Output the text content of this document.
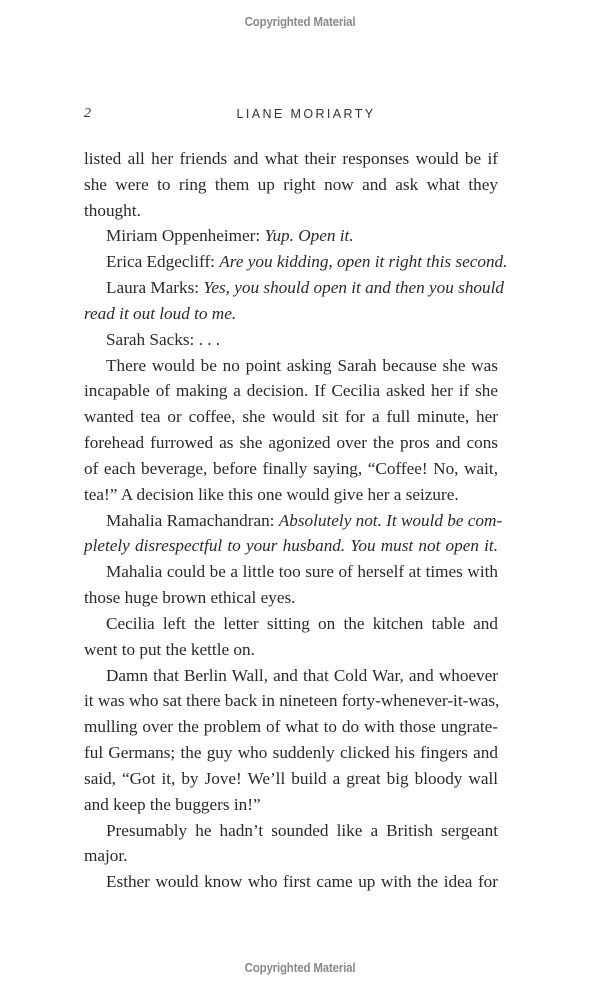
Copyrighted Material
2	LIANE MORIARTY
listed all her friends and what their responses would be if
she were to ring them up right now and ask what they
thought.
Miriam Oppenheimer: Yup. Open it.
Erica Edgecliff: Are you kidding, open it right this second.
Laura Marks: Yes, you should open it and then you should
read it out loud to me.
Sarah Sacks: . . .
There would be no point asking Sarah because she was
incapable of making a decision. If Cecilia asked her if she
wanted tea or coffee, she would sit for a full minute, her
forehead furrowed as she agonized over the pros and cons
of each beverage, before finally saying, “Coffee! No, wait,
tea!” A decision like this one would give her a seizure.
Mahalia Ramachandran: Absolutely not. It would be com-
pletely disrespectful to your husband. You must not open it.
Mahalia could be a little too sure of herself at times with
those huge brown ethical eyes.
Cecilia left the letter sitting on the kitchen table and
went to put the kettle on.
Damn that Berlin Wall, and that Cold War, and whoever
it was who sat there back in nineteen forty-whenever-it-was,
mulling over the problem of what to do with those ungrate-
ful Germans; the guy who suddenly clicked his fingers and
said, “Got it, by Jove! We’ll build a great big bloody wall
and keep the buggers in!”
Presumably he hadn’t sounded like a British sergeant
major.
Esther would know who first came up with the idea for
Copyrighted Material
